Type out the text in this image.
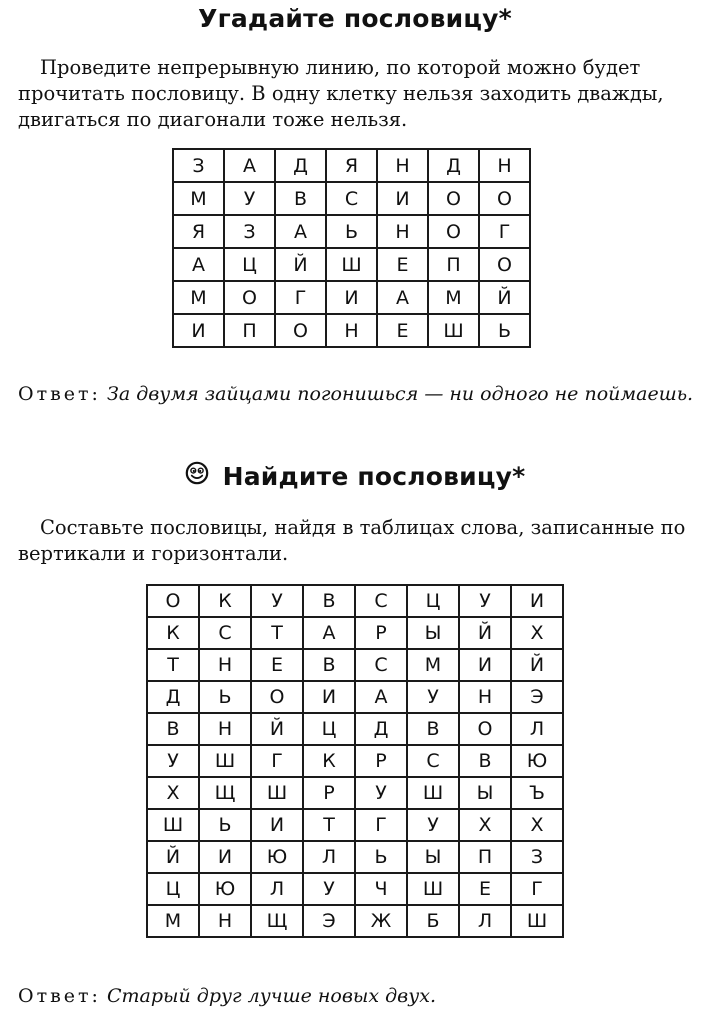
Угадайте пословицу*

Проведите непрерывную линию, по которой можно будет прочитать пословицу. В одну клетку нельзя заходить дважды, двигаться по диагонали тоже нельзя.

З	А	Д	Я	Н	Д	Н
М	У	В	С	И	О	О
Я	З	А	Ь	Н	О	Г
А	Ц	Й	Ш	Е	П	О
М	О	Г	И	А	М	Й
И	П	О	Н	Е	Ш	Ь

Ответ: За двумя зайцами погонишься — ни одного не поймаешь.

Найдите пословицу*

Составьте пословицы, найдя в таблицах слова, записанные по вертикали и горизонтали.

О	К	У	В	С	Ц	У	И
К	С	Т	А	Р	Ы	Й	Х
Т	Н	Е	В	С	М	И	Й
Д	Ь	О	И	А	У	Н	Э
В	Н	Й	Ц	Д	В	О	Л
У	Ш	Г	К	Р	С	В	Ю
Х	Щ	Ш	Р	У	Ш	Ы	Ъ
Ш	Ь	И	Т	Г	У	Х	Х
Й	И	Ю	Л	Ь	Ы	П	З
Ц	Ю	Л	У	Ч	Ш	Е	Г
М	Н	Щ	Э	Ж	Б	Л	Ш

Ответ: Старый друг лучше новых двух.
